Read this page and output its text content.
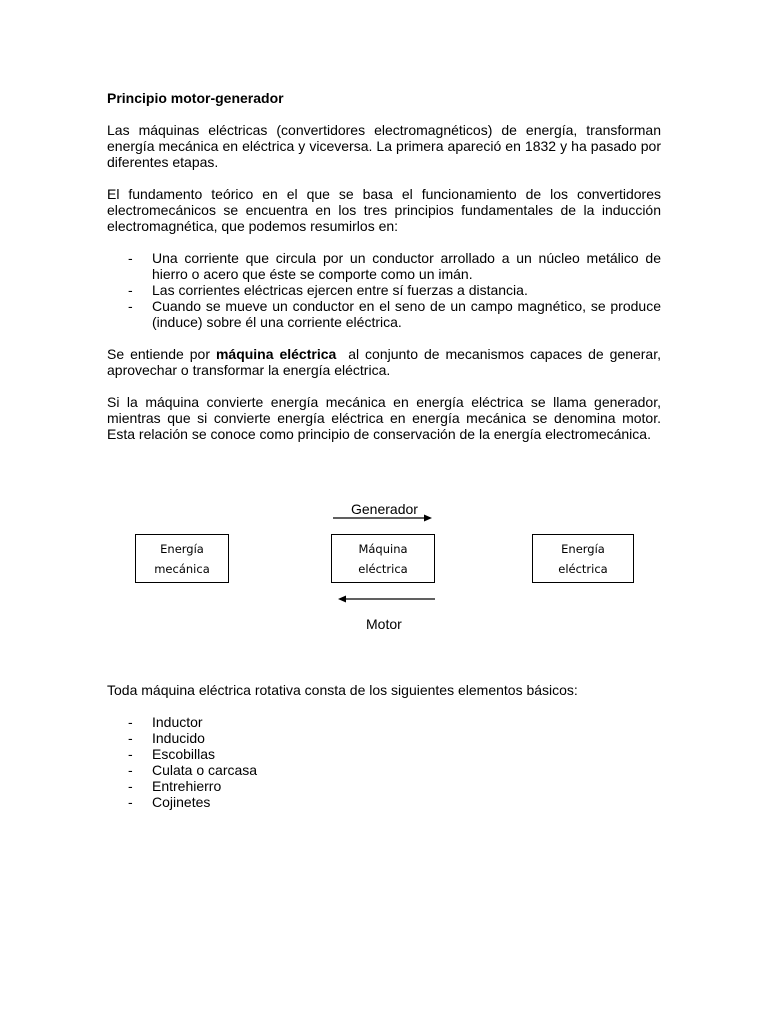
Principio motor-generador

Las máquinas eléctricas (convertidores electromagnéticos) de energía, transforman energía mecánica en eléctrica y viceversa. La primera apareció en 1832 y ha pasado por diferentes etapas.

El fundamento teórico en el que se basa el funcionamiento de los convertidores electromecánicos se encuentra en los tres principios fundamentales de la inducción electromagnética, que podemos resumirlos en:

- Una corriente que circula por un conductor arrollado a un núcleo metálico de hierro o acero que éste se comporte como un imán.
- Las corrientes eléctricas ejercen entre sí fuerzas a distancia.
- Cuando se mueve un conductor en el seno de un campo magnético, se produce (induce) sobre él una corriente eléctrica.

Se entiende por máquina eléctrica  al conjunto de mecanismos capaces de generar, aprovechar o transformar la energía eléctrica.

Si la máquina convierte energía mecánica en energía eléctrica se llama generador, mientras que si convierte energía eléctrica en energía mecánica se denomina motor. Esta relación se conoce como principio de conservación de la energía electromecánica.

Generador
Energía
mecánica
Máquina
eléctrica
Energía
eléctrica
Motor

Toda máquina eléctrica rotativa consta de los siguientes elementos básicos:

- Inductor
- Inducido
- Escobillas
- Culata o carcasa
- Entrehierro
- Cojinetes
